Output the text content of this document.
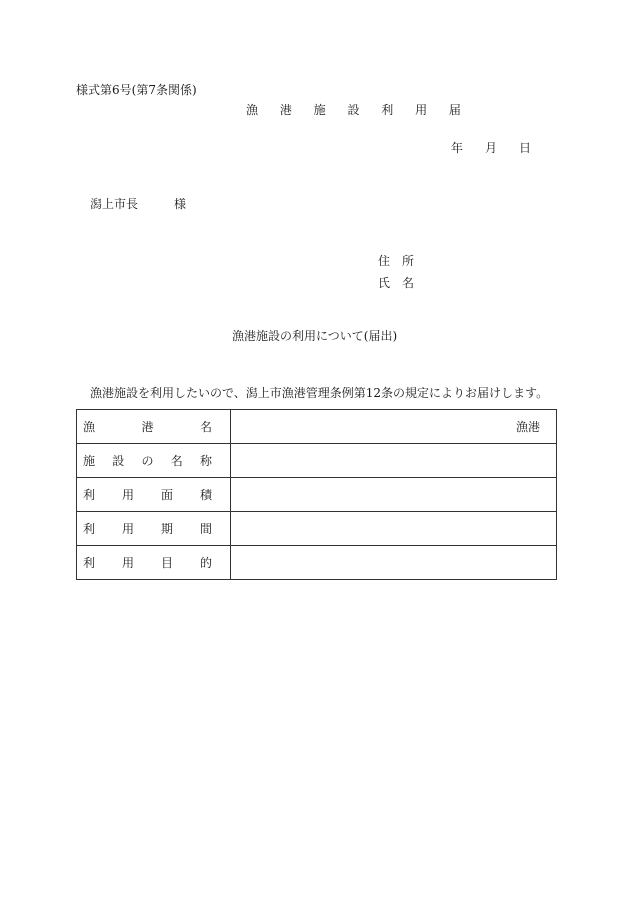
様式第6号(第7条関係)
漁 港 施 設 利 用 届
年 月 日
潟上市長	様
住 所
氏 名
漁港施設の利用について(届出)
漁港施設を利用したいので、潟上市漁港管理条例第12条の規定によりお届けします。
漁 港 名	漁港

施 設 の 名 称	

利 用 面 積	

利 用 期 間	

利 用 目 的	
